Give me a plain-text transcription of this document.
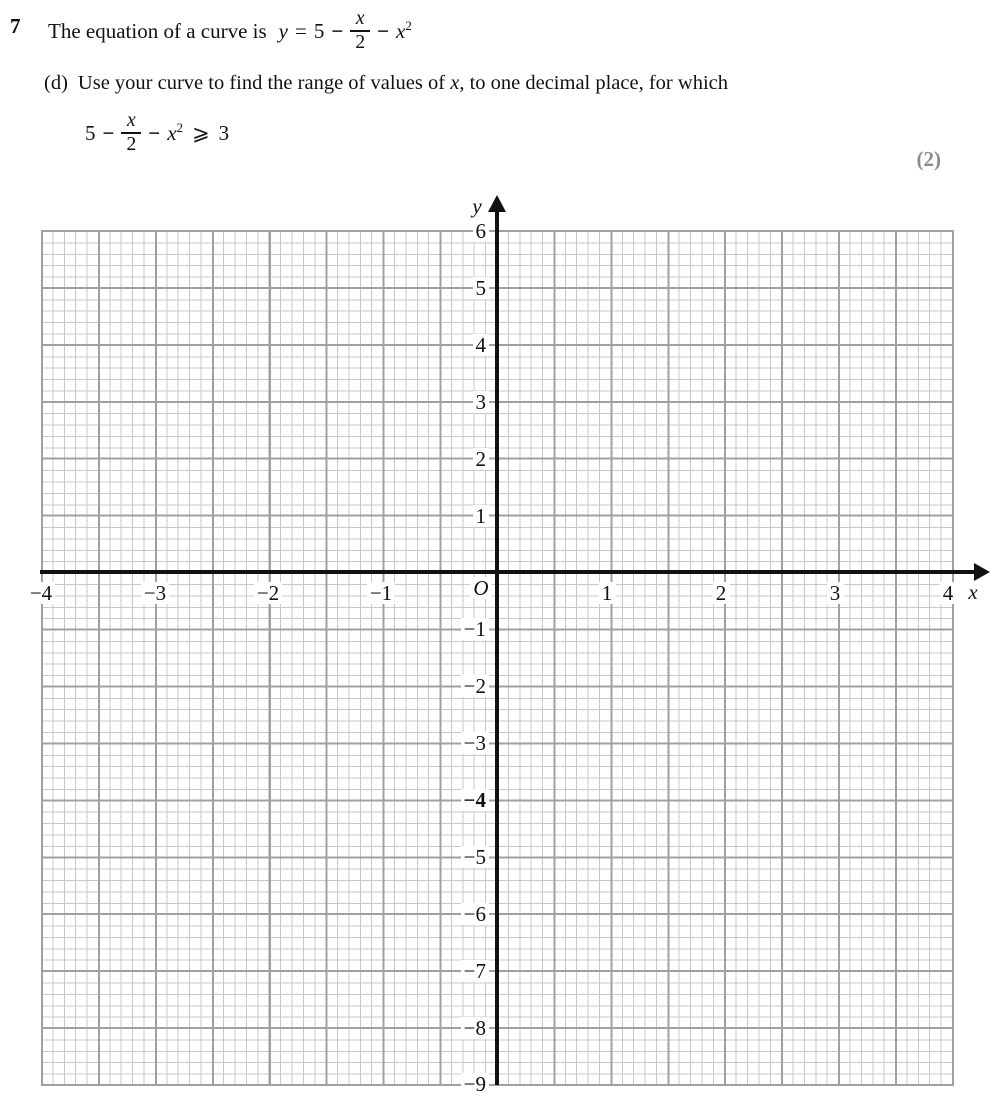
7 The equation of a curve is $y = 5 - \frac{x}{2} - x^2$
(d) Use your curve to find the range of values of x, to one decimal place, for which
$5 - \frac{x}{2} - x^2$ ⩾ 3
(2)
y
x
O
−4	−3	−2	−1	1	2	3	4
6
5
4
3
2
1
−1
−2
−3
−4
−5
−6
−7
−8
−9
